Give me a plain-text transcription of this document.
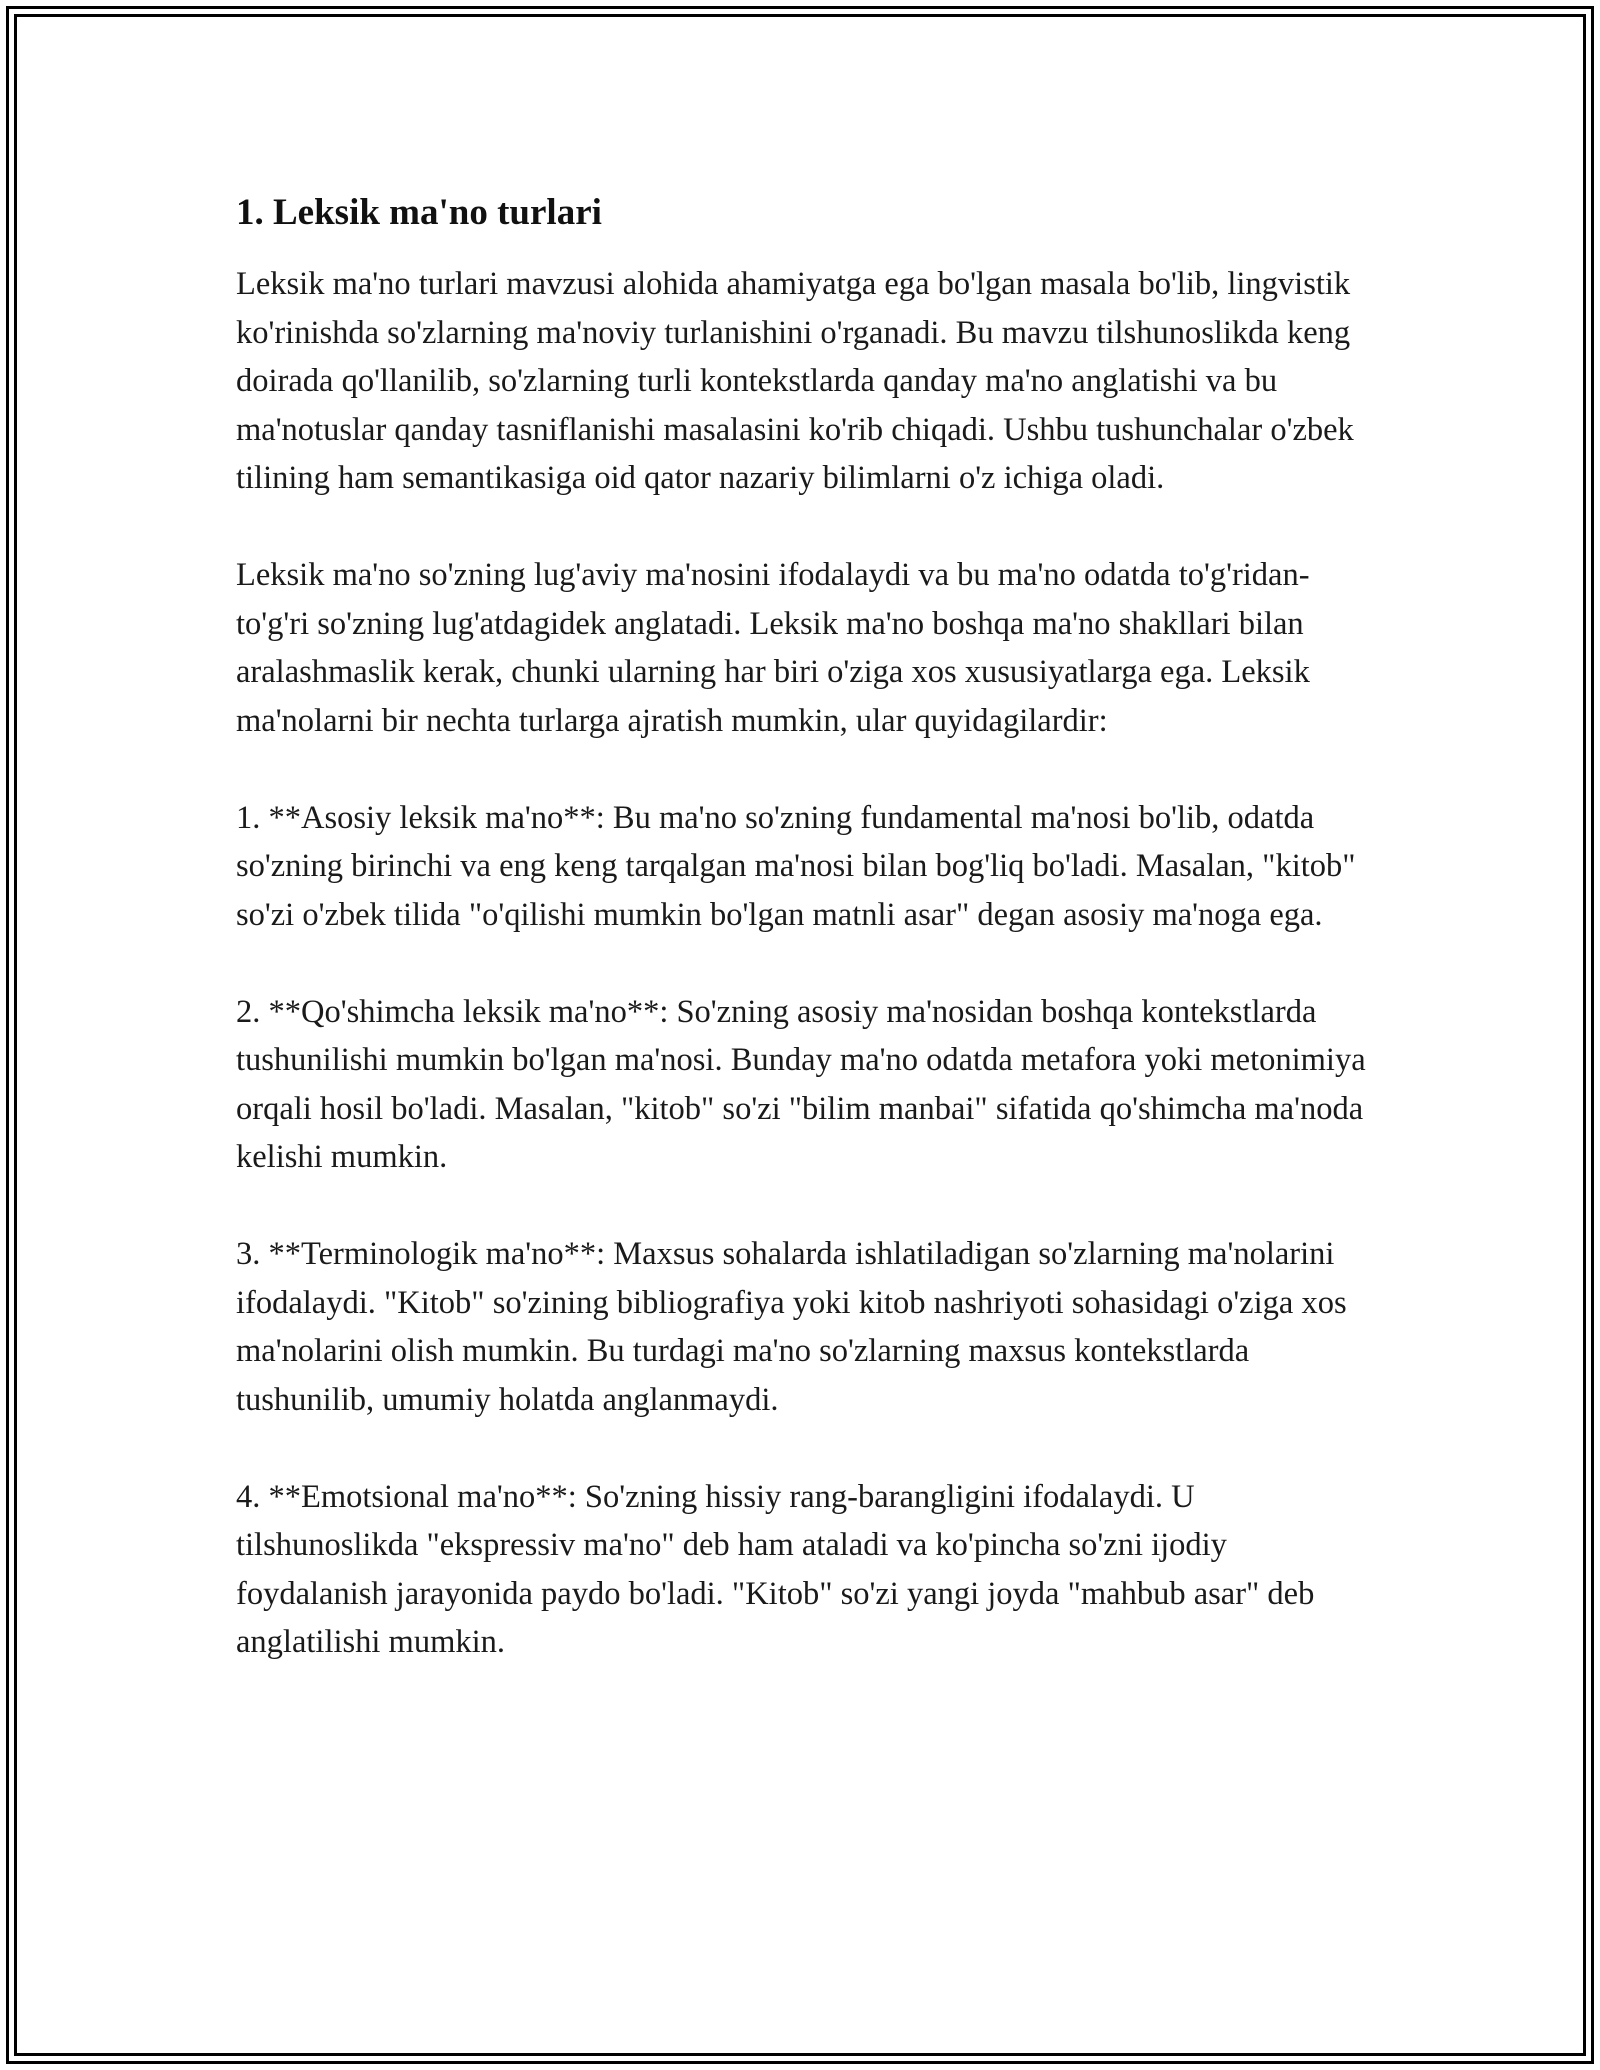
1. Leksik ma'no turlari

Leksik ma'no turlari mavzusi alohida ahamiyatga ega bo'lgan masala bo'lib, lingvistik ko'rinishda so'zlarning ma'noviy turlanishini o'rganadi. Bu mavzu tilshunoslikda keng doirada qo'llanilib, so'zlarning turli kontekstlarda qanday ma'no anglatishi va bu ma'notuslar qanday tasniflanishi masalasini ko'rib chiqadi. Ushbu tushunchalar o'zbek tilining ham semantikasiga oid qator nazariy bilimlarni o'z ichiga oladi.

Leksik ma'no so'zning lug'aviy ma'nosini ifodalaydi va bu ma'no odatda to'g'ridan-to'g'ri so'zning lug'atdagidek anglatadi. Leksik ma'no boshqa ma'no shakllari bilan aralashmaslik kerak, chunki ularning har biri o'ziga xos xususiyatlarga ega. Leksik ma'nolarni bir nechta turlarga ajratish mumkin, ular quyidagilardir:

1. **Asosiy leksik ma'no**: Bu ma'no so'zning fundamental ma'nosi bo'lib, odatda so'zning birinchi va eng keng tarqalgan ma'nosi bilan bog'liq bo'ladi. Masalan, "kitob" so'zi o'zbek tilida "o'qilishi mumkin bo'lgan matnli asar" degan asosiy ma'noga ega.

2. **Qo'shimcha leksik ma'no**: So'zning asosiy ma'nosidan boshqa kontekstlarda tushunilishi mumkin bo'lgan ma'nosi. Bunday ma'no odatda metafora yoki metonimiya orqali hosil bo'ladi. Masalan, "kitob" so'zi "bilim manbai" sifatida qo'shimcha ma'noda kelishi mumkin.

3. **Terminologik ma'no**: Maxsus sohalarda ishlatiladigan so'zlarning ma'nolarini ifodalaydi. "Kitob" so'zining bibliografiya yoki kitob nashriyoti sohasidagi o'ziga xos ma'nolarini olish mumkin. Bu turdagi ma'no so'zlarning maxsus kontekstlarda tushunilib, umumiy holatda anglanmaydi.

4. **Emotsional ma'no**: So'zning hissiy rang-barangligini ifodalaydi. U tilshunoslikda "ekspressiv ma'no" deb ham ataladi va ko'pincha so'zni ijodiy foydalanish jarayonida paydo bo'ladi. "Kitob" so'zi yangi joyda "mahbub asar" deb anglatilishi mumkin.
